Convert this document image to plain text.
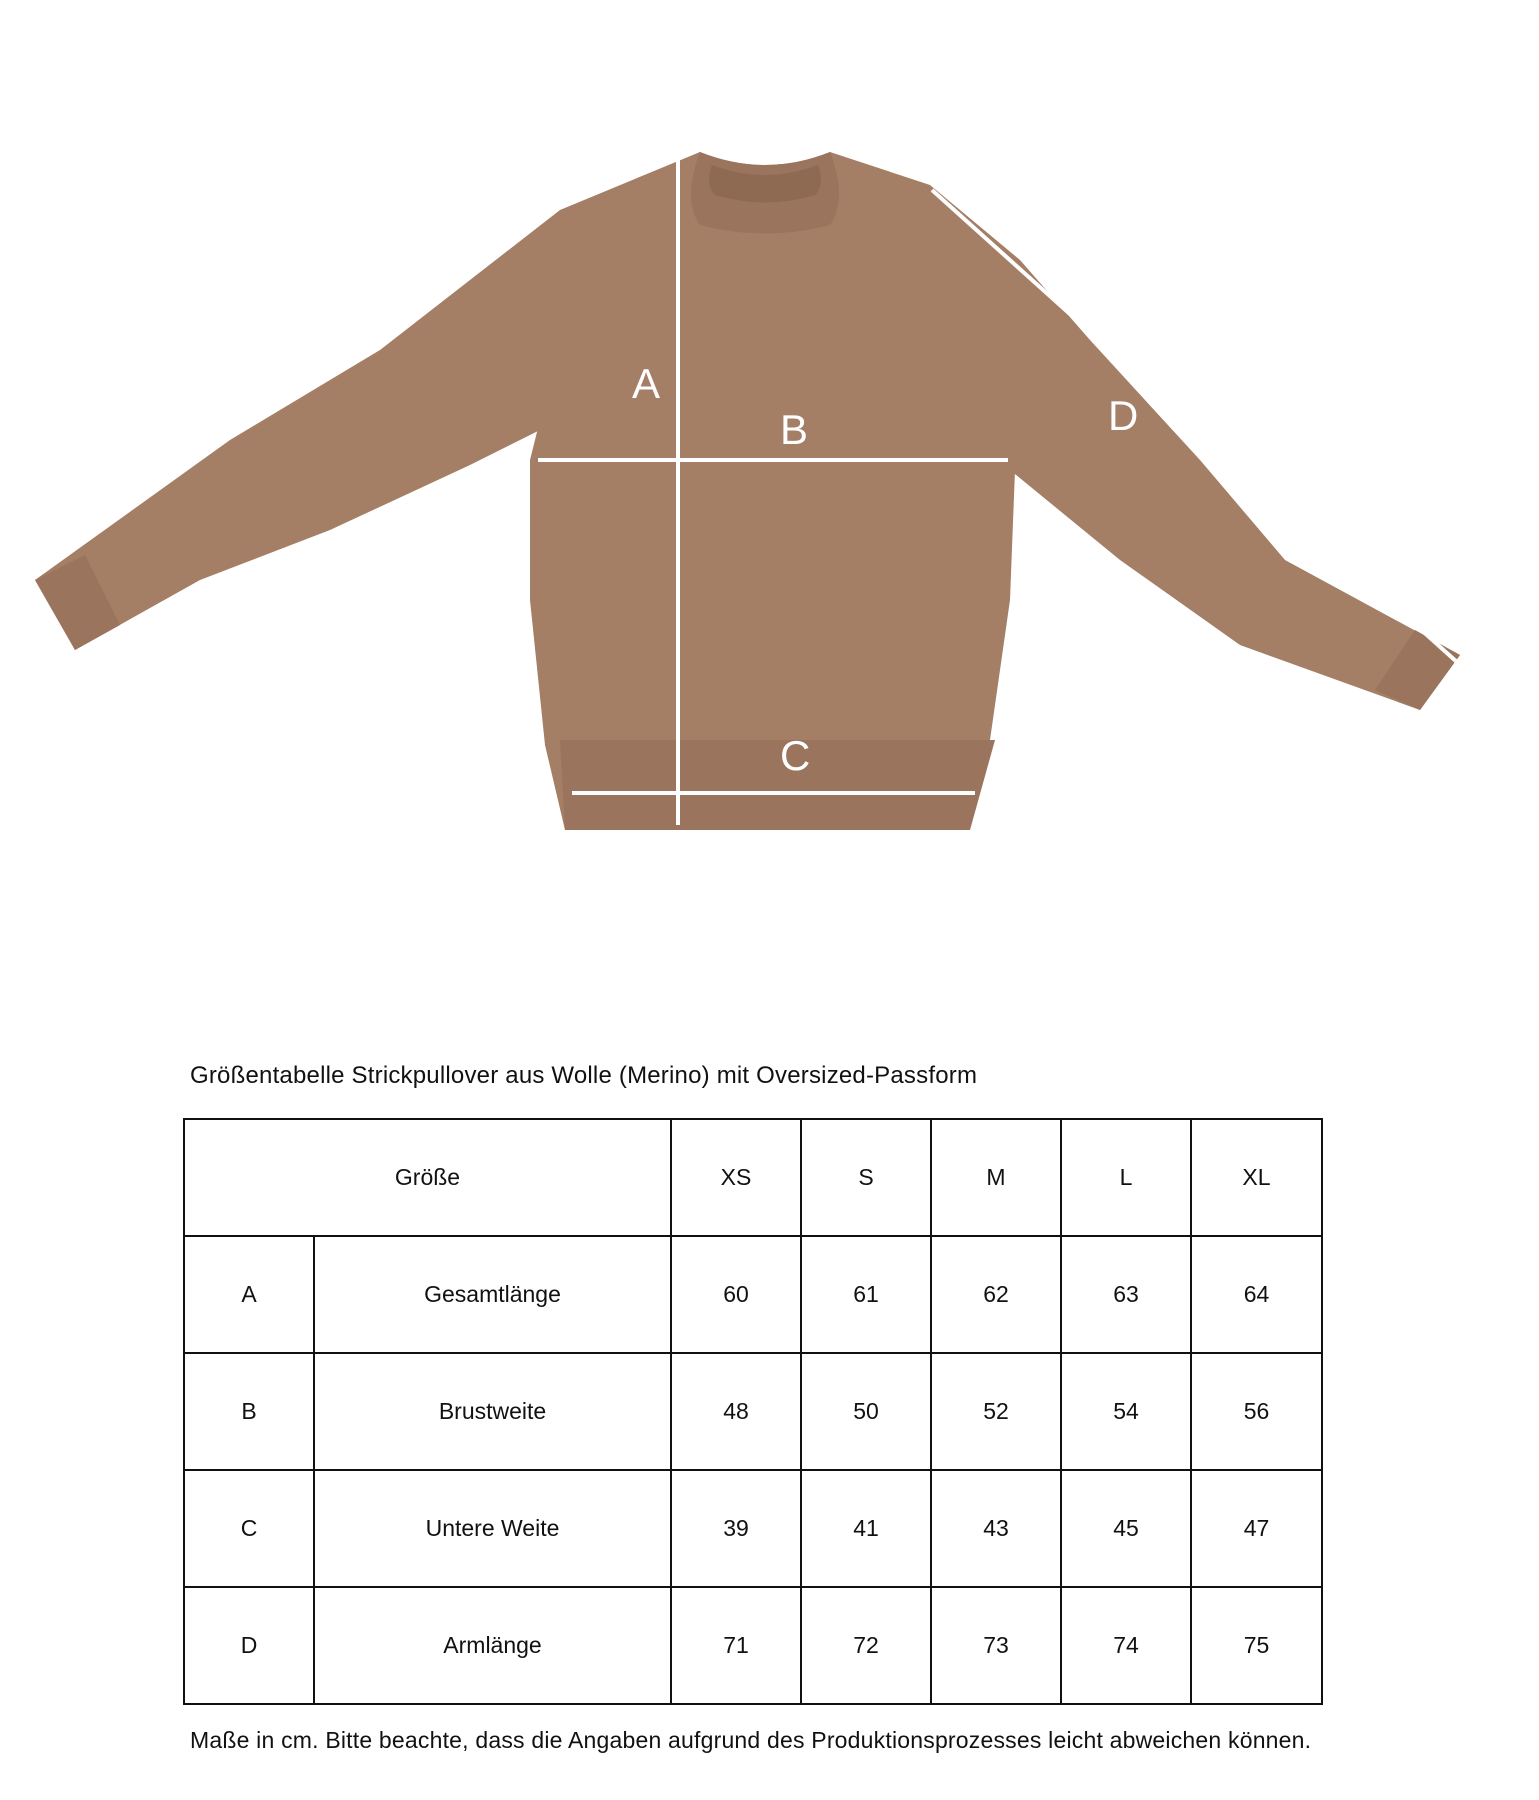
A
B
C
D
Größentabelle Strickpullover aus Wolle (Merino) mit Oversized-Passform
Größe		XS	S	M	L	XL
A	Gesamtlänge	60	61	62	63	64
B	Brustweite	48	50	52	54	56
C	Untere Weite	39	41	43	45	47
D	Armlänge	71	72	73	74	75
Maße in cm. Bitte beachte, dass die Angaben aufgrund des Produktionsprozesses leicht abweichen können.
